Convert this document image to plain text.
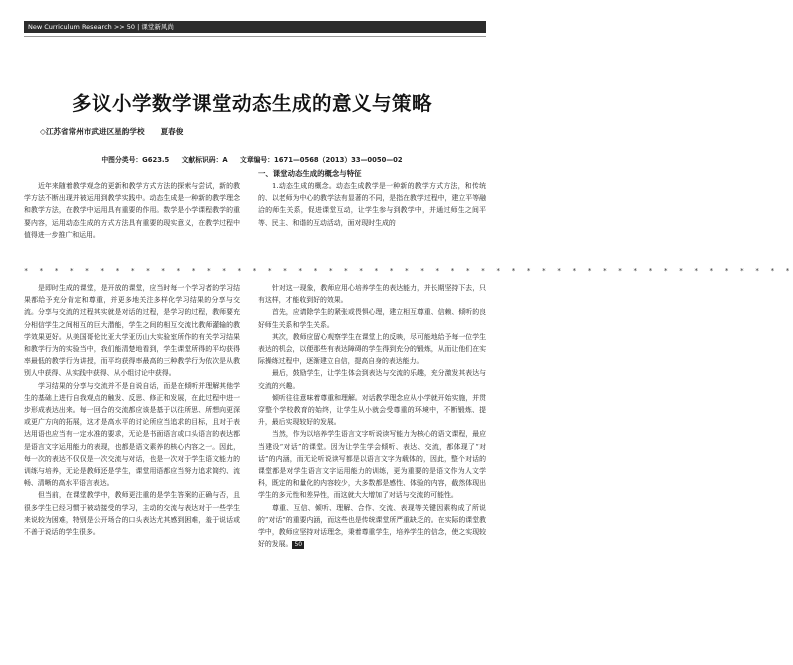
New Curriculum Research >> 50 | 课堂新风尚
多议小学数学课堂动态生成的意义与策略
◇江苏省常州市武进区星韵学校 夏春俊
中图分类号：G623.5 文献标识码：A 文章编号：1671—0568（2013）33—0050—02

近年来随着教学观念的更新和教学方式方法的探索与尝试，新的教学方法不断出现并被运用到教学实践中。动态生成是一种新的教学理念和教学方法，在教学中运用具有重要的作用。数学是小学课程教学的重要内容，运用动态生成的方式方法具有重要的现实意义，在教学过程中值得进一步推广和运用。

一、课堂动态生成的概念与特征

1.动态生成的概念。动态生成教学是一种新的教学方式方法，和传统的、以老师为中心的教学法有显著的不同，是指在教学过程中，建立平等融洽的师生关系，促进课堂互动，让学生参与到教学中，并通过师生之间平等、民主、和谐的互动活动，面对现时生成的

* * * * * * * * * * * * * * * * * * * * * * * * * * * * * * * * * * * * * * * * * * * * * * * * * * *

是即时生成的课堂，是开放的课堂，应当时每一个学习者的学习结果都给予充分肯定和尊重，并更多地关注多样化学习结果的分享与交流。分享与交流的过程其实就是对话的过程，是学习的过程，教师要充分相信学生之间相互的巨大潜能，学生之间的相互交流比教师灌输的教学效果更好。从美国哥伦比亚大学亚历山大实验室所作的有关学习结果和教学行为的实验当中，我们能清楚地看到，学生课堂所得的平均获得率最低的教学行为讲授，而平均获得率最高的三种教学行为依次是从教别人中获得、从实践中获得、从小组讨论中获得。

学习结果的分享与交流并不是自说自话，而是在倾听并理解其他学生的基础上进行自我观点的触发、反思、修正和发展，在此过程中进一步形成表达出来。每一回合的交流都应该是基于以往所思、所想向更深或更广方向的拓展，这才是高水平的讨论所应当追求的目标，且对于表达用语也应当有一定水准的要求，无论是书面语言或口头语言的表达都是语言文字运用能力的表现，也都是语文素养的核心内容之一。因此，每一次的表达不仅仅是一次交流与对话，也是一次对于学生语文能力的训练与培养，无论是教师还是学生，课堂用语都应当努力追求简约、流畅、清晰的高水平语言表达。

但当前，在课堂教学中，教师更注重的是学生答案的正确与否，且很多学生已经习惯于被动接受的学习，主动的交流与表达对于一些学生来说较为困难，特别是公开场合的口头表达尤其感到困难，羞于说话或不善于说话的学生很多。

针对这一现象，教师应用心培养学生的表达能力，并长期坚持下去，只有这样，才能收到好的效果。

首先，应请除学生的紧张或畏惧心理，建立相互尊重、信赖、倾听的良好师生关系和学生关系。

其次，教师应留心观察学生在课堂上的反映，尽可能地给予每一位学生表达的机会，以便那些有表达障碍的学生得到充分的锻炼，从而让他们在实际操练过程中，逐渐建立自信，提高自身的表达能力。

最后，鼓励学生，让学生体会到表达与交流的乐趣，充分激发其表达与交流的兴趣。

倾听往往意味着尊重和理解。对话教学理念应从小学就开始实施，并贯穿整个学校教育的始终，让学生从小就会受尊重的环境中，不断锻炼、提升，最后实现较好的发展。

当然，作为以培养学生语言文字听说读写能力为核心的语文课程，最应当建设“对话”的课堂。因为让学生学会倾听、表达、交流，都体现了“对话”的内涵，而无论听说读写都是以语言文字为载体的，因此，整个对话的课堂都是对学生语言文字运用能力的训练，更为重要的是语文作为人文学科，既定的和量化的内容较少，大多数都是感性、体验的内容，截然体现出学生的多元性和差异性，而这就大大增加了对话与交流的可能性。

尊重、互信、倾听、理解、合作、交流、表现等关键因素构成了所说的“对话”的重要内涵，而这些也是传统课堂所严重缺乏的。在实际的课堂教学中，教师应坚持对话理念，秉着尊重学生，培养学生的信念，使之实现较好的发展。 50
